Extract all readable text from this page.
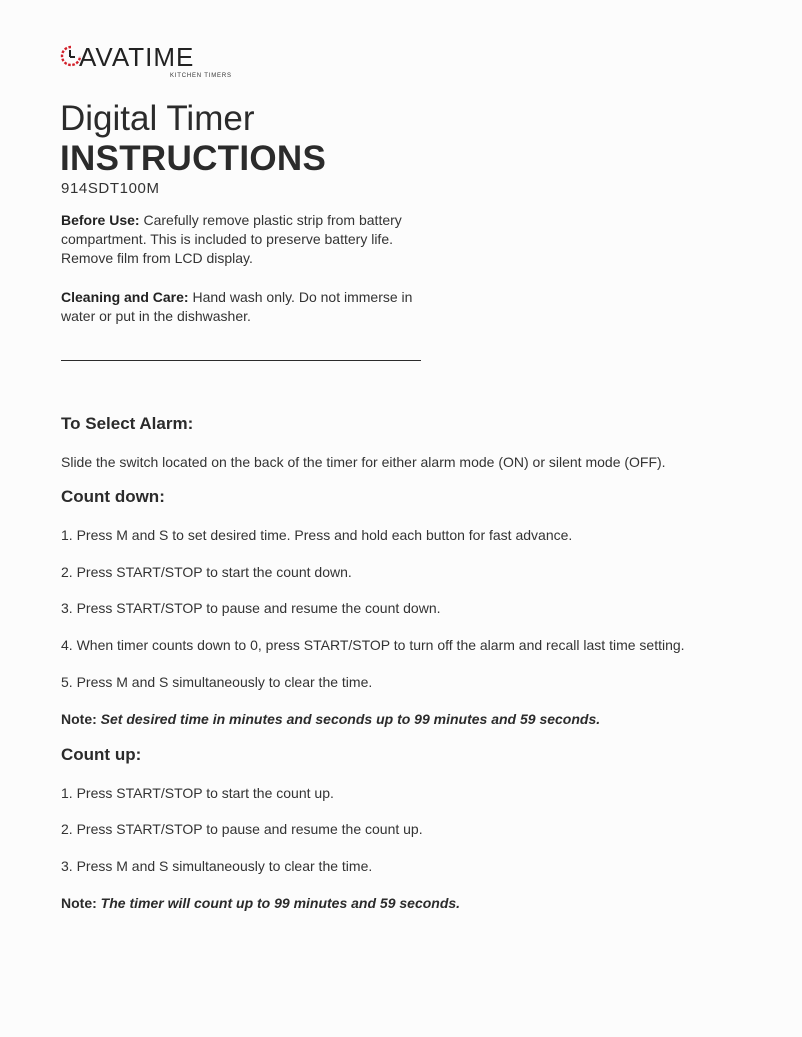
AVATIME
KITCHEN TIMERS
Digital Timer
INSTRUCTIONS
914SDT100M

Before Use: Carefully remove plastic strip from battery compartment. This is included to preserve battery life. Remove film from LCD display.

Cleaning and Care: Hand wash only. Do not immerse in water or put in the dishwasher.

To Select Alarm:
Slide the switch located on the back of the timer for either alarm mode (ON) or silent mode (OFF).
Count down:
1. Press M and S to set desired time. Press and hold each button for fast advance.
2. Press START/STOP to start the count down.
3. Press START/STOP to pause and resume the count down.
4. When timer counts down to 0, press START/STOP to turn off the alarm and recall last time setting.
5. Press M and S simultaneously to clear the time.
Note: Set desired time in minutes and seconds up to 99 minutes and 59 seconds.
Count up:
1. Press START/STOP to start the count up.
2. Press START/STOP to pause and resume the count up.
3. Press M and S simultaneously to clear the time.
Note: The timer will count up to 99 minutes and 59 seconds.
